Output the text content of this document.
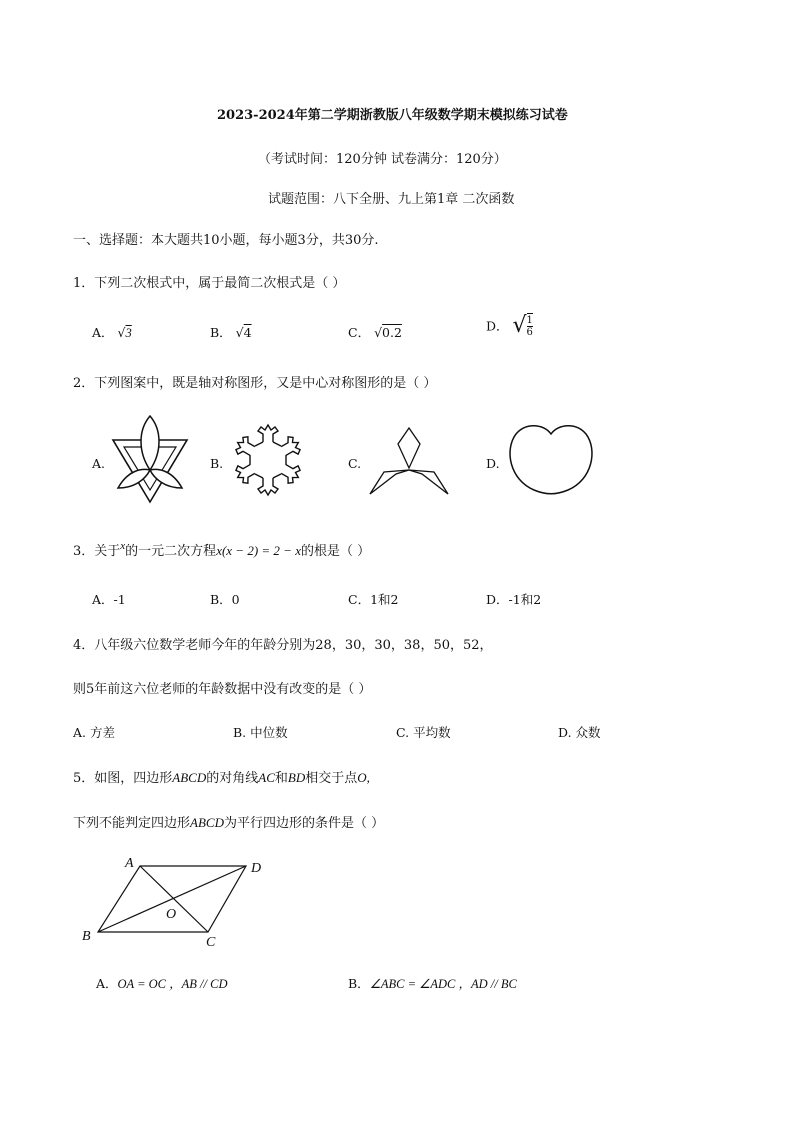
2023-2024年第二学期浙教版八年级数学期末模拟练习试卷
（考试时间：120分钟 试卷满分：120分）
试题范围：八下全册、九上第1章 二次函数
一、选择题：本大题共10小题，每小题3分，共30分.
1．下列二次根式中，属于最简二次根式是（ ）
A． √3	B． √4	C． √0.2	D． √ $\frac{1}{6}$
2．下列图案中，既是轴对称图形，又是中心对称图形的是（ ）
A.	B.	C.	D.
3．关于$^x$的一元二次方程x(x − 2) = 2 − x的根是（ ）
A．-1	B．0	C．1和2	D．-1和2
4．八年级六位数学老师今年的年龄分别为28，30，30，38，50，52，
则5年前这六位老师的年龄数据中没有改变的是（ ）
A. 方差	B. 中位数	C. 平均数	D. 众数
5．如图，四边形ABCD的对角线AC和BD相交于点O,
下列不能判定四边形ABCD为平行四边形的条件是（ ）
A	D
B	C
O
A．OA = OC ，AB // CD	B．∠ABC = ∠ADC ，AD // BC
